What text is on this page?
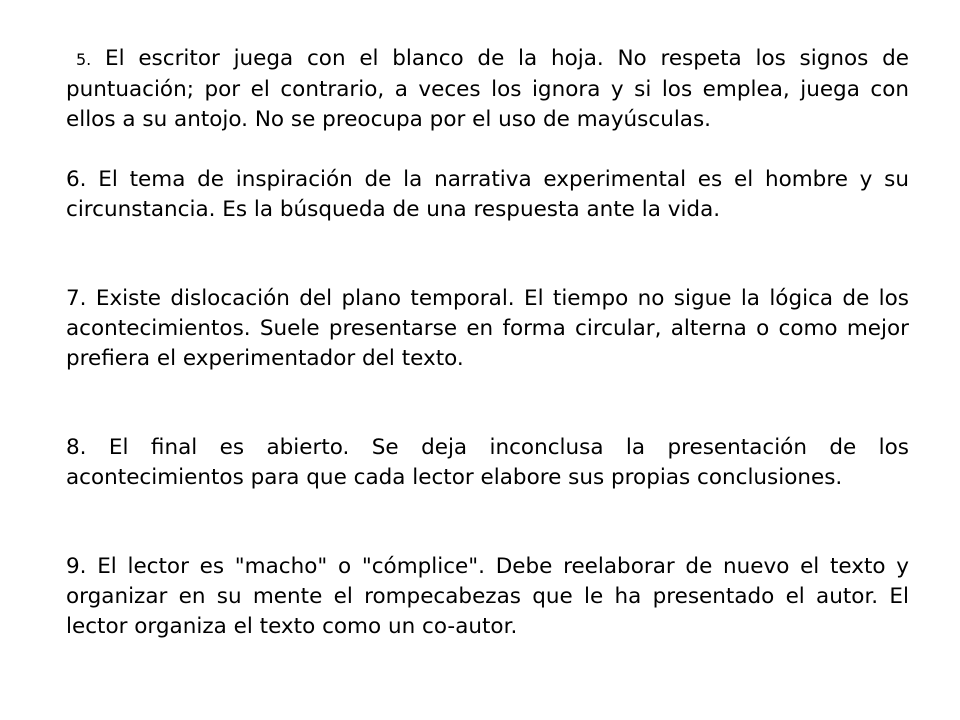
5. El escritor juega con el blanco de la hoja. No respeta los signos de puntuación; por el contrario, a veces los ignora y si los emplea, juega con ellos a su antojo. No se preocupa por el uso de mayúsculas.

6. El tema de inspiración de la narrativa experimental es el hombre y su circunstancia. Es la búsqueda de una respuesta ante la vida.

7. Existe dislocación del plano temporal. El tiempo no sigue la lógica de los acontecimientos. Suele presentarse en forma circular, alterna o como mejor prefiera el experimentador del texto.

8. El final es abierto. Se deja inconclusa la presentación de los acontecimientos para que cada lector elabore sus propias conclusiones.

9. El lector es "macho" o "cómplice". Debe reelaborar de nuevo el texto y organizar en su mente el rompecabezas que le ha presentado el autor. El lector organiza el texto como un co-autor.
